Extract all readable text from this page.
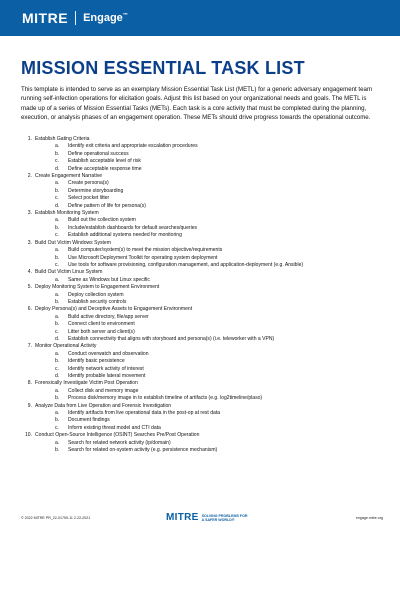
MITRE Engage™
MISSION ESSENTIAL TASK LIST

This template is intended to serve as an exemplary Mission Essential Task List (METL) for a generic adversary engagement team running self-infection operations for elicitation goals. Adjust this list based on your organizational needs and goals. The METL is made up of a series of Mission Essential Tasks (METs). Each task is a core activity that must be completed during the planning, execution, or analysis phases of an engagement operation. These METs should drive progress towards the operational outcome.

1. Establish Gating Criteria
a. Identify exit criteria and appropriate escalation procedures
b. Define operational success
c. Establish acceptable level of risk
d. Define acceptable response time
2. Create Engagement Narrative
a. Create persona(s)
b. Determine storyboarding
c. Select pocket litter
d. Define pattern of life for persona(s)
3. Establish Monitoring System
a. Build out the collection system
b. Include/establish dashboards for default searches/queries
c. Establish additional systems needed for monitoring
3. Build Out Victim Windows System
a. Build computer/system(s) to meet the mission objective/requirements
b. Use Microsoft Deployment Toolkit for operating system deployment
c. Use tools for software provisioning, configuration management, and application-deployment (e.g. Ansible)
4. Build Out Victim Linux System
a. Same as Windows but Linux specific
5. Deploy Monitoring System to Engagement Environment
a. Deploy collection system
b. Establish security controls
6. Deploy Persona(s) and Deceptive Assets to Engagement Environment
a. Build active directory, file/app server
b. Connect client to environment
c. Litter both server and client(s)
d. Establish connectivity that aligns with storyboard and persona(s) (i.e. teleworker with a VPN)
7. Monitor Operational Activity
a. Conduct overwatch and observation
b. Identify basic persistence
c. Identify network activity of interest
d. Identify probable lateral movement
8. Forensically Investigate Victim Post Operation
a. Collect disk and memory image
b. Process disk/memory image in to establish timeline of artifacts (e.g. log2timeline/plaso)
9. Analyze Data from Live Operation and Forensic Investigation
a. Identify artifacts from live operational data in the post-op at rest data
b. Document findings
c. Inform existing threat model and CTI data
10. Conduct Open-Source Intelligence (OSINT) Searches Pre/Post Operation
a. Search for related network activity (ip/domain)
b. Search for related on-system activity (e.g. persistence mechanism)
© 2022 MITRE PR_22-01759-11 2-22-2021	MITRE SOLVING PROBLEMS FOR A SAFER WORLD®	engage.mitre.org
